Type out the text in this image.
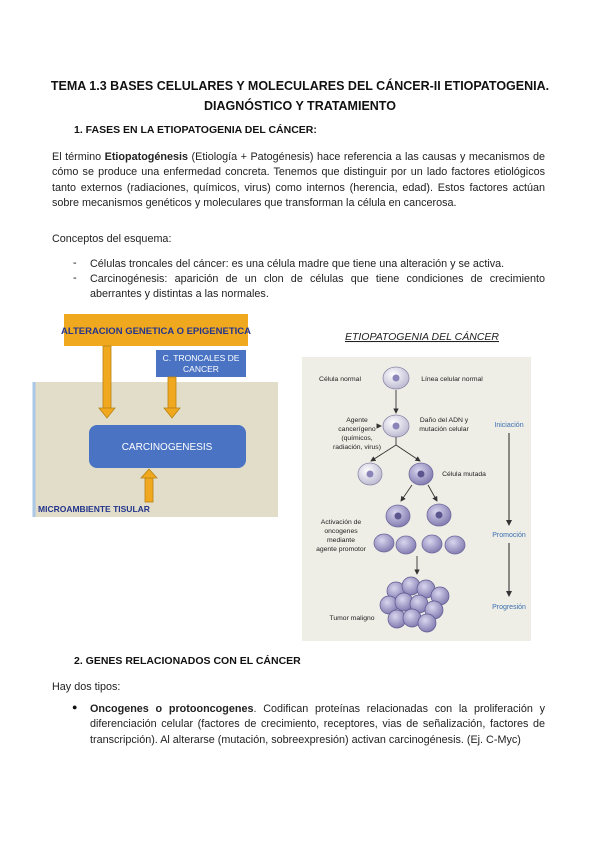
TEMA 1.3 BASES CELULARES Y MOLECULARES DEL CÁNCER-II ETIOPATOGENIA.
DIAGNÓSTICO Y TRATAMIENTO
1. FASES EN LA ETIOPATOGENIA DEL CÁNCER:
El término Etiopatogénesis (Etiología + Patogénesis) hace referencia a las causas y mecanismos de cómo se produce una enfermedad concreta. Tenemos que distinguir por un lado factores etiológicos tanto externos (radiaciones, químicos, virus) como internos (herencia, edad). Estos factores actúan sobre mecanismos genéticos y moleculares que transforman la célula en cancerosa.
Conceptos del esquema:
- Células troncales del cáncer: es una célula madre que tiene una alteración y se activa.
- Carcinogénesis: aparición de un clon de células que tiene condiciones de crecimiento aberrantes y distintas a las normales.
ALTERACION GENETICA O EPIGENETICA
C. TRONCALES DE
CANCER
CARCINOGENESIS
MICROAMBIENTE TISULAR
ETIOPATOGENIA DEL CÁNCER
Célula normal	Línea celular normal
Agente
cancerígeno
(químicos,
radiación, virus)
Daño del ADN y
mutación celular
Célula mutada
Activación de
oncogenes
mediante
agente promotor
Tumor maligno
Iniciación
Promoción
Progresión
2. GENES RELACIONADOS CON EL CÁNCER
Hay dos tipos:
● Oncogenes o protooncogenes. Codifican proteínas relacionadas con la proliferación y diferenciación celular (factores de crecimiento, receptores, vias de señalización, factores de transcripción). Al alterarse (mutación, sobreexpresión) activan carcinogénesis. (Ej. C-Myc)
